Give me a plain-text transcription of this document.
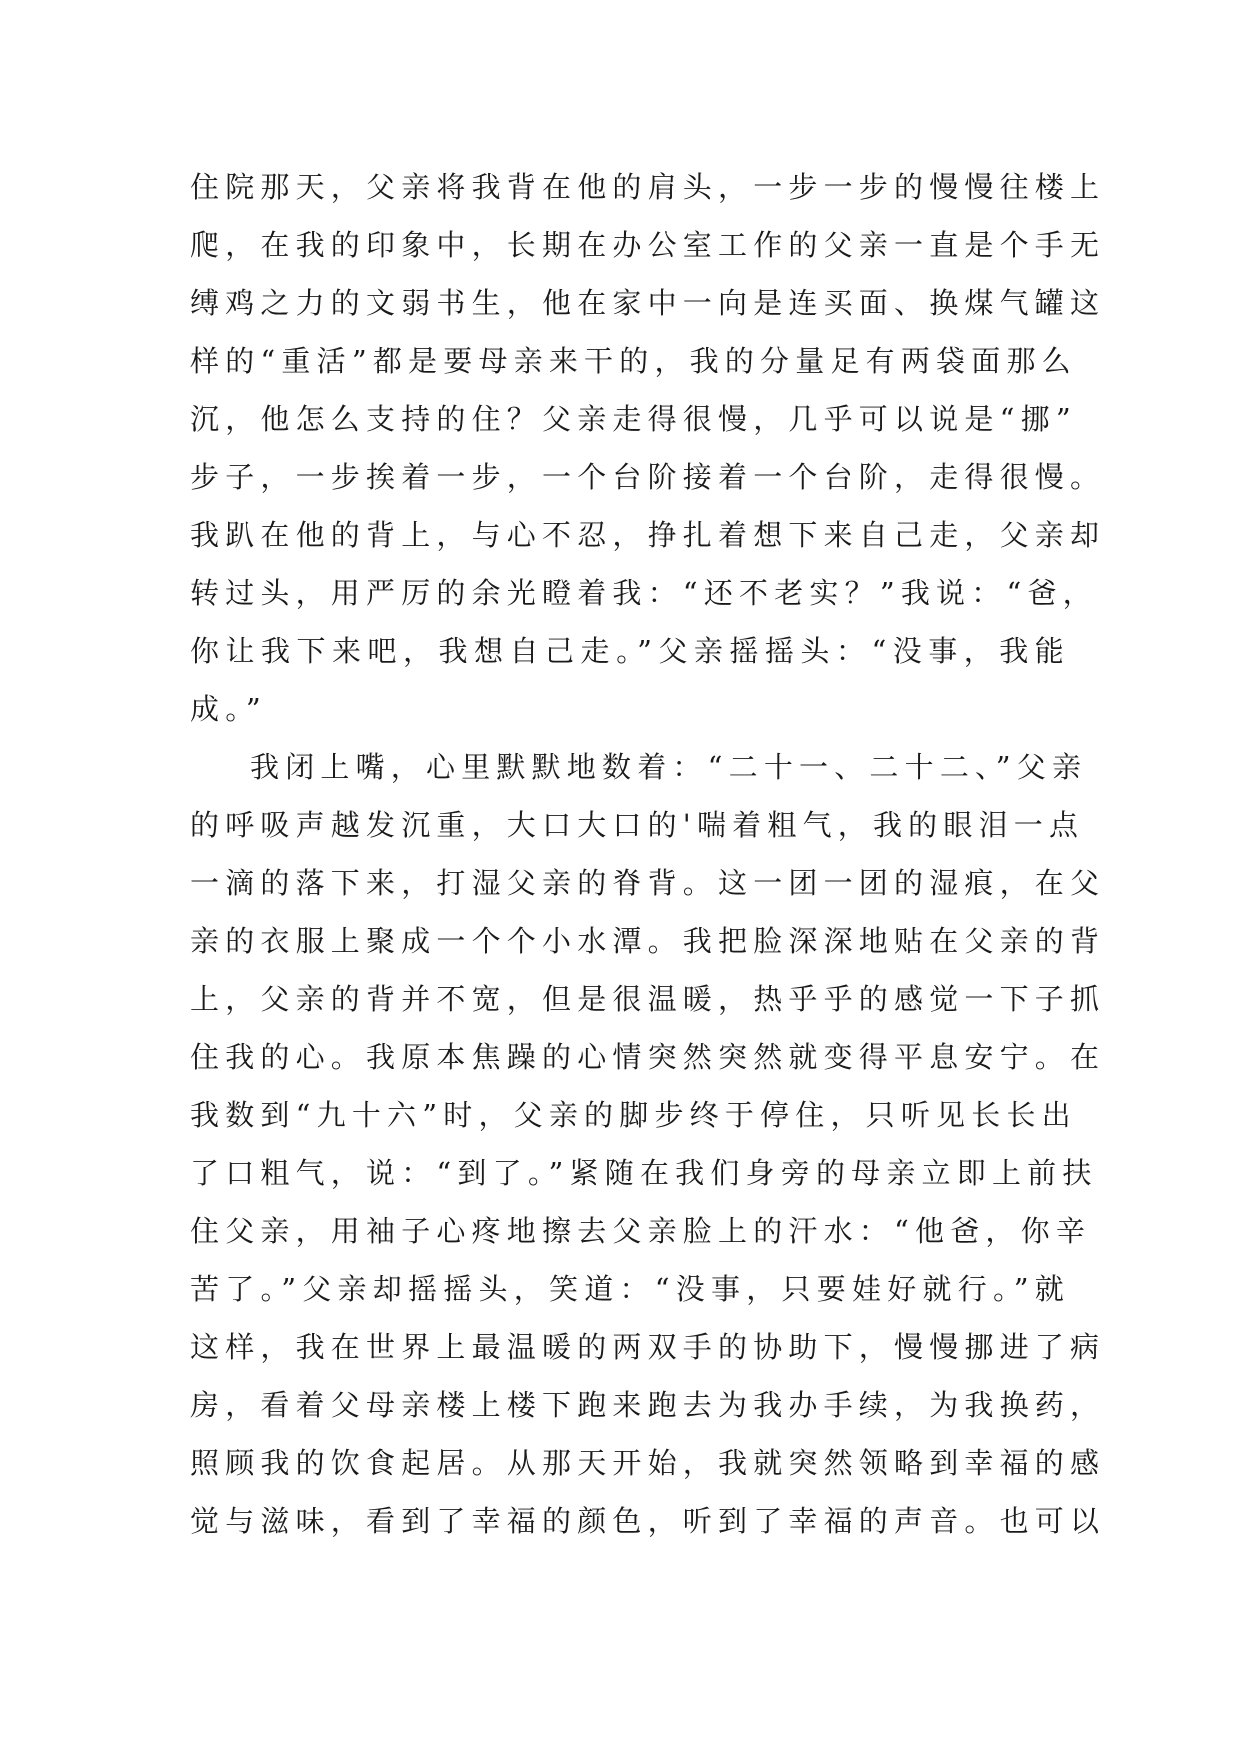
住院那天，父亲将我背在他的肩头，一步一步的慢慢往楼上
爬，在我的印象中，长期在办公室工作的父亲一直是个手无
缚鸡之力的文弱书生，他在家中一向是连买面、换煤气罐这
样的“重活”都是要母亲来干的，我的分量足有两袋面那么
沉，他怎么支持的住？父亲走得很慢，几乎可以说是“挪”
步子，一步挨着一步，一个台阶接着一个台阶，走得很慢。
我趴在他的背上，与心不忍，挣扎着想下来自己走，父亲却
转过头，用严厉的余光瞪着我：“还不老实？”我说：“爸，
你让我下来吧，我想自己走。”父亲摇摇头：“没事，我能
成。”
我闭上嘴，心里默默地数着：“二十一、二十二、”父亲
的呼吸声越发沉重，大口大口的'喘着粗气，我的眼泪一点
一滴的落下来，打湿父亲的脊背。这一团一团的湿痕，在父
亲的衣服上聚成一个个小水潭。我把脸深深地贴在父亲的背
上，父亲的背并不宽，但是很温暖，热乎乎的感觉一下子抓
住我的心。我原本焦躁的心情突然突然就变得平息安宁。在
我数到“九十六”时，父亲的脚步终于停住，只听见长长出
了口粗气，说：“到了。”紧随在我们身旁的母亲立即上前扶
住父亲，用袖子心疼地擦去父亲脸上的汗水：“他爸，你辛
苦了。”父亲却摇摇头，笑道：“没事，只要娃好就行。”就
这样，我在世界上最温暖的两双手的协助下，慢慢挪进了病
房，看着父母亲楼上楼下跑来跑去为我办手续，为我换药，
照顾我的饮食起居。从那天开始，我就突然领略到幸福的感
觉与滋味，看到了幸福的颜色，听到了幸福的声音。也可以
